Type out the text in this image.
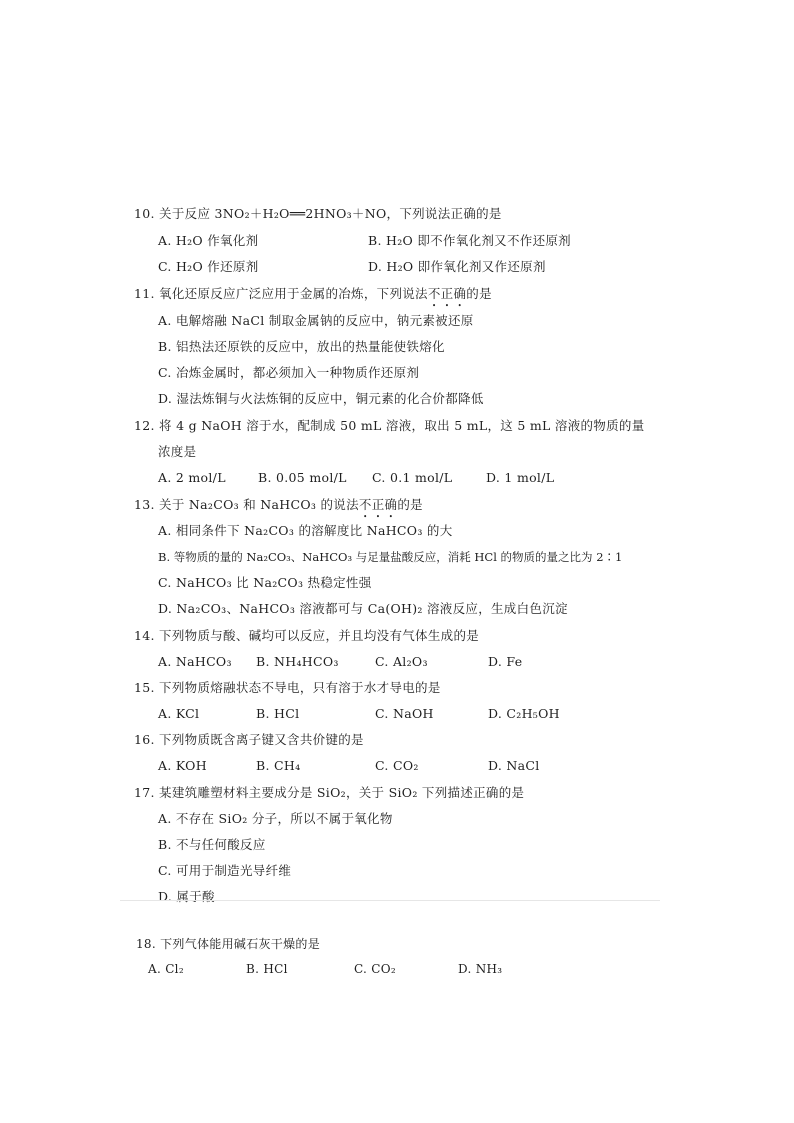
10. 关于反应 3NO₂＋H₂O══2HNO₃＋NO，下列说法正确的是
A. H₂O 作氧化剂	B. H₂O 即不作氧化剂又不作还原剂
C. H₂O 作还原剂	D. H₂O 即作氧化剂又作还原剂
11. 氧化还原反应广泛应用于金属的冶炼，下列说法不正确的是
A. 电解熔融 NaCl 制取金属钠的反应中，钠元素被还原
B. 铝热法还原铁的反应中，放出的热量能使铁熔化
C. 冶炼金属时，都必须加入一种物质作还原剂
D. 湿法炼铜与火法炼铜的反应中，铜元素的化合价都降低
12. 将 4 g NaOH 溶于水，配制成 50 mL 溶液，取出 5 mL，这 5 mL 溶液的物质的量
浓度是
A. 2 mol/L	B. 0.05 mol/L C. 0.1 mol/L	D. 1 mol/L
13. 关于 Na₂CO₃ 和 NaHCO₃ 的说法不正确的是
A. 相同条件下 Na₂CO₃ 的溶解度比 NaHCO₃ 的大
B. 等物质的量的 Na₂CO₃、NaHCO₃ 与足量盐酸反应，消耗 HCl 的物质的量之比为 2∶1
C. NaHCO₃ 比 Na₂CO₃ 热稳定性强
D. Na₂CO₃、NaHCO₃ 溶液都可与 Ca(OH)₂ 溶液反应，生成白色沉淀
14. 下列物质与酸、碱均可以反应，并且均没有气体生成的是
A. NaHCO₃ B. NH₄HCO₃	C. Al₂O₃	D. Fe
15. 下列物质熔融状态不导电，只有溶于水才导电的是
A. KCl	B. HCl	C. NaOH	D. C₂H₅OH
16. 下列物质既含离子键又含共价键的是
A. KOH	B. CH₄	C. CO₂	D. NaCl
17. 某建筑雕塑材料主要成分是 SiO₂，关于 SiO₂ 下列描述正确的是
A. 不存在 SiO₂ 分子，所以不属于氧化物
B. 不与任何酸反应
C. 可用于制造光导纤维
D. 属于酸
18. 下列气体能用碱石灰干燥的是
A. Cl₂	B. HCl	C. CO₂	D. NH₃
